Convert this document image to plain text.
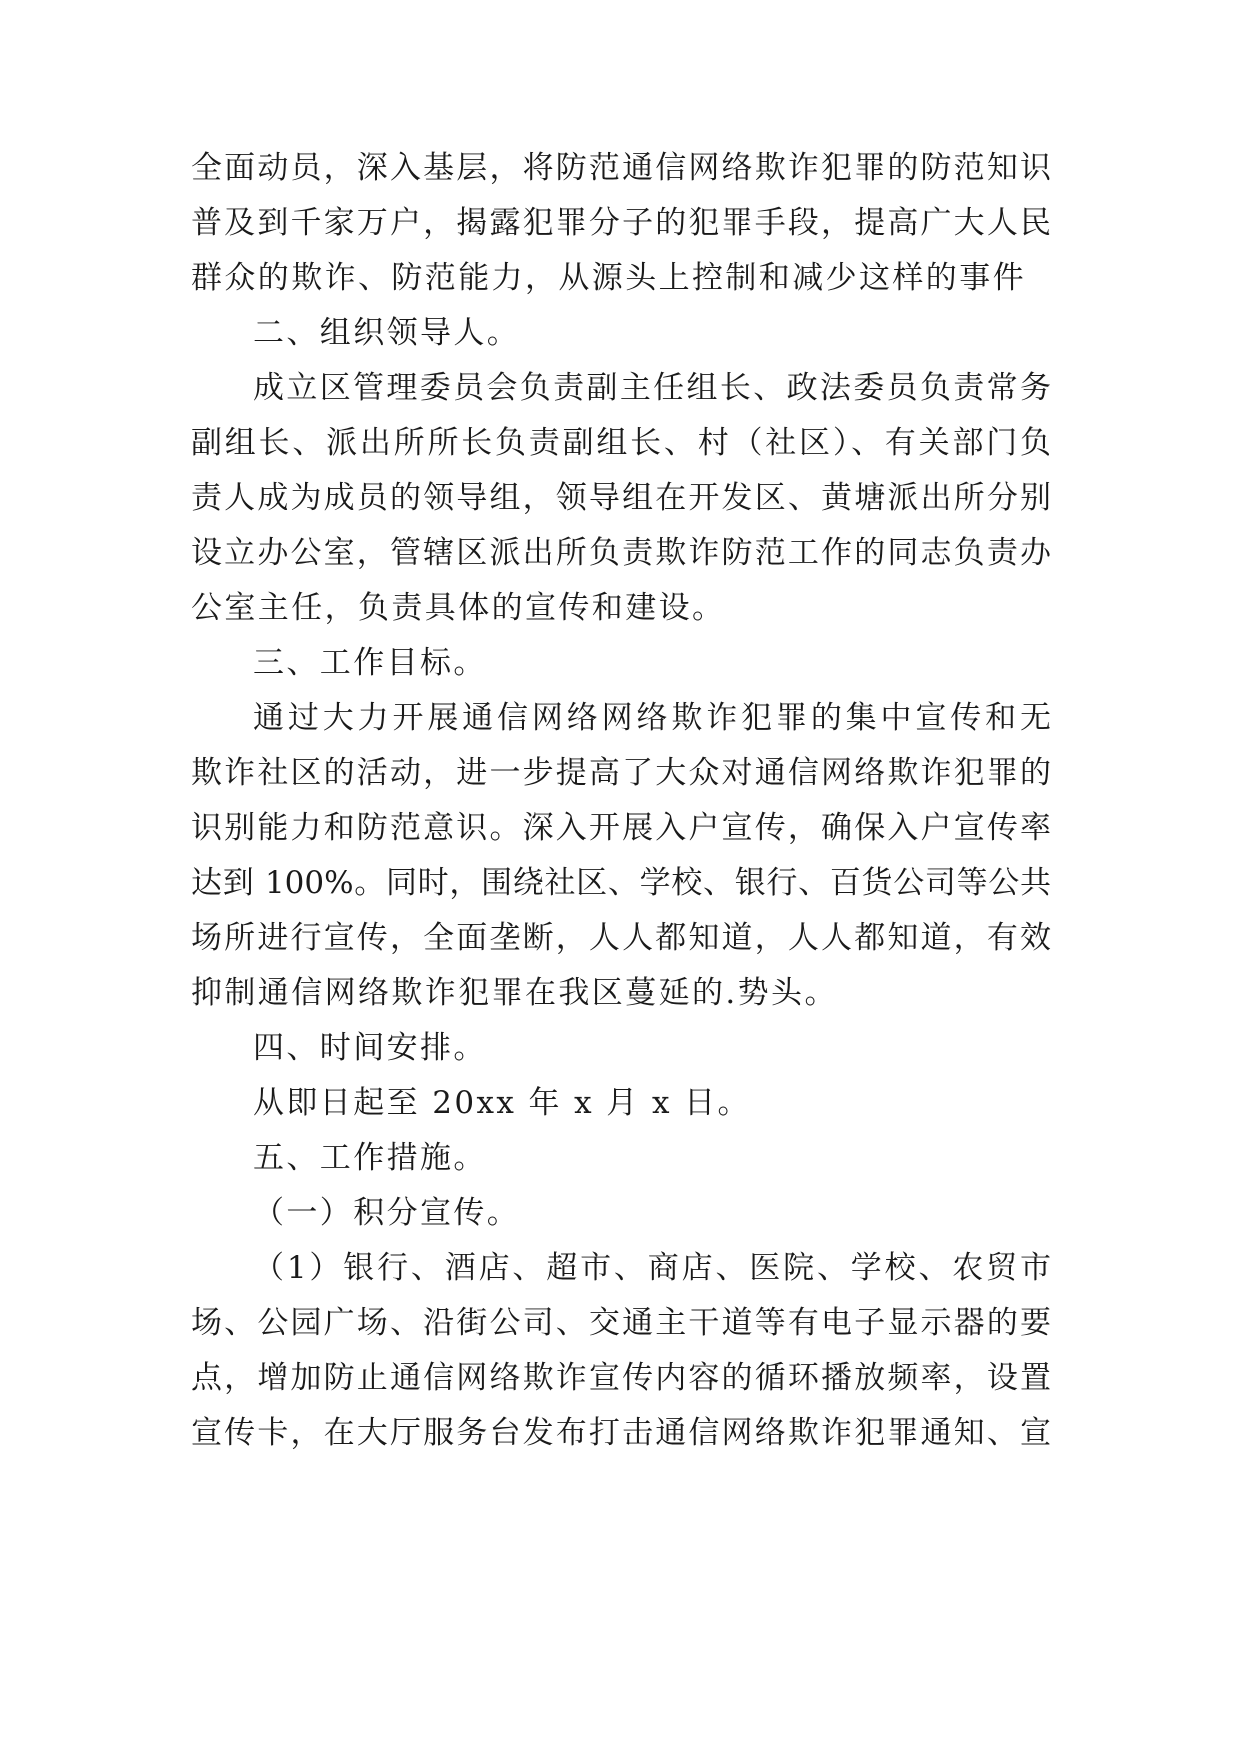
全面动员，深入基层，将防范通信网络欺诈犯罪的防范知识
普及到千家万户，揭露犯罪分子的犯罪手段，提高广大人民
群众的欺诈、防范能力，从源头上控制和减少这样的事件
二、组织领导人。
成立区管理委员会负责副主任组长、政法委员负责常务
副组长、派出所所长负责副组长、村（社区）、有关部门负
责人成为成员的领导组，领导组在开发区、黄塘派出所分别
设立办公室，管辖区派出所负责欺诈防范工作的同志负责办
公室主任，负责具体的宣传和建设。
三、工作目标。
通过大力开展通信网络网络欺诈犯罪的集中宣传和无
欺诈社区的活动，进一步提高了大众对通信网络欺诈犯罪的
识别能力和防范意识。深入开展入户宣传，确保入户宣传率
达到 100%。同时，围绕社区、学校、银行、百货公司等公共
场所进行宣传，全面垄断，人人都知道，人人都知道，有效
抑制通信网络欺诈犯罪在我区蔓延的.势头。
四、时间安排。
从即日起至 20xx 年 x 月 x 日。
五、工作措施。
（一）积分宣传。
（1）银行、酒店、超市、商店、医院、学校、农贸市
场、公园广场、沿街公司、交通主干道等有电子显示器的要
点，增加防止通信网络欺诈宣传内容的循环播放频率，设置
宣传卡，在大厅服务台发布打击通信网络欺诈犯罪通知、宣
